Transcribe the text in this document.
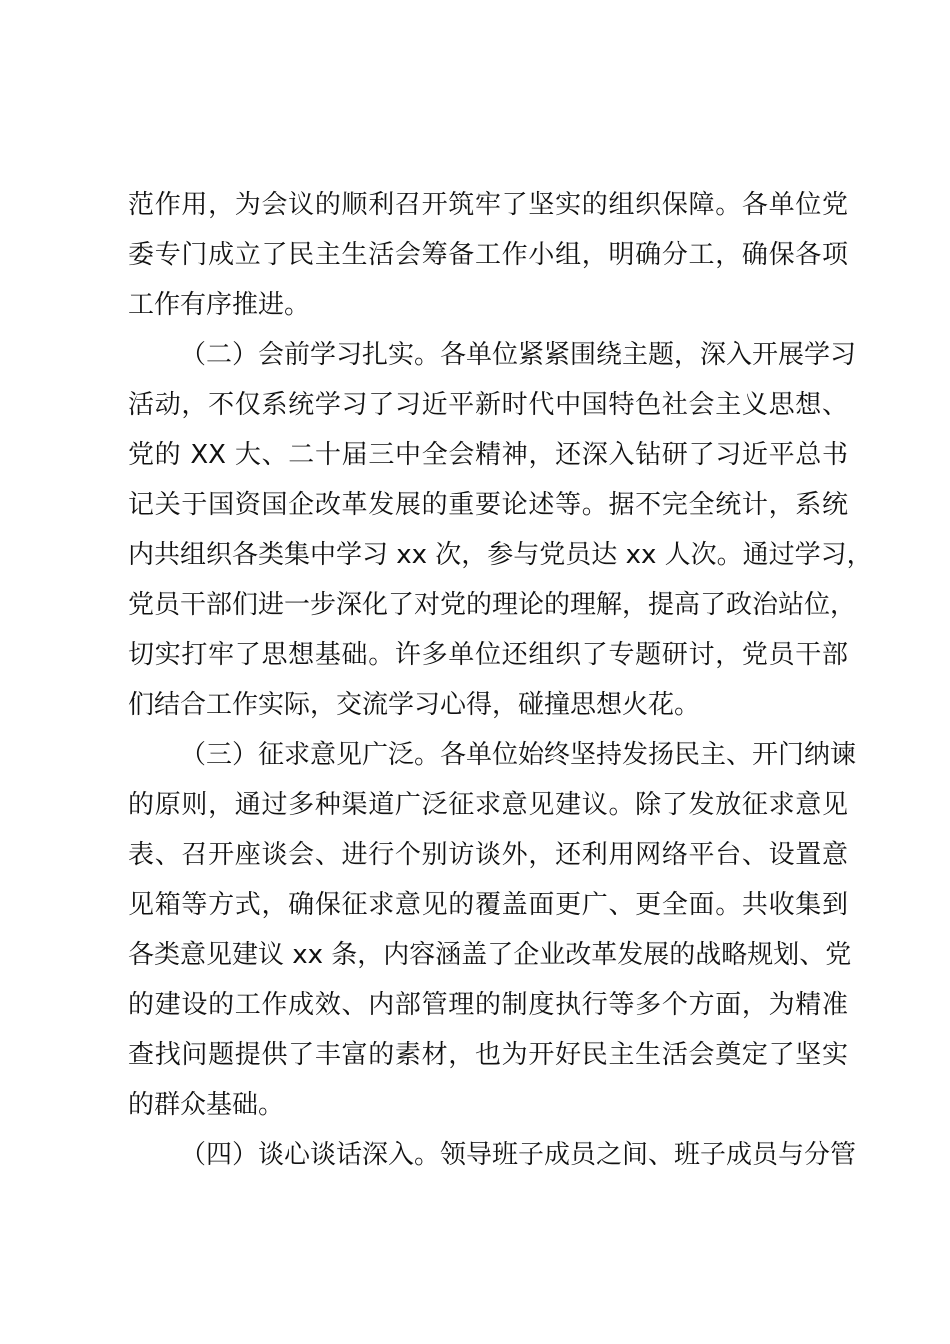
范作用，为会议的顺利召开筑牢了坚实的组织保障。各单位党
委专门成立了民主生活会筹备工作小组，明确分工，确保各项
工作有序推进。
（二）会前学习扎实。各单位紧紧围绕主题，深入开展学习
活动，不仅系统学习了习近平新时代中国特色社会主义思想、
党的 XX 大、二十届三中全会精神，还深入钻研了习近平总书
记关于国资国企改革发展的重要论述等。据不完全统计，系统
内共组织各类集中学习 xx 次，参与党员达 xx 人次。通过学习，
党员干部们进一步深化了对党的理论的理解，提高了政治站位，
切实打牢了思想基础。许多单位还组织了专题研讨，党员干部
们结合工作实际，交流学习心得，碰撞思想火花。
（三）征求意见广泛。各单位始终坚持发扬民主、开门纳谏
的原则，通过多种渠道广泛征求意见建议。除了发放征求意见
表、召开座谈会、进行个别访谈外，还利用网络平台、设置意
见箱等方式，确保征求意见的覆盖面更广、更全面。共收集到
各类意见建议 xx 条，内容涵盖了企业改革发展的战略规划、党
的建设的工作成效、内部管理的制度执行等多个方面，为精准
查找问题提供了丰富的素材，也为开好民主生活会奠定了坚实
的群众基础。
（四）谈心谈话深入。领导班子成员之间、班子成员与分管
